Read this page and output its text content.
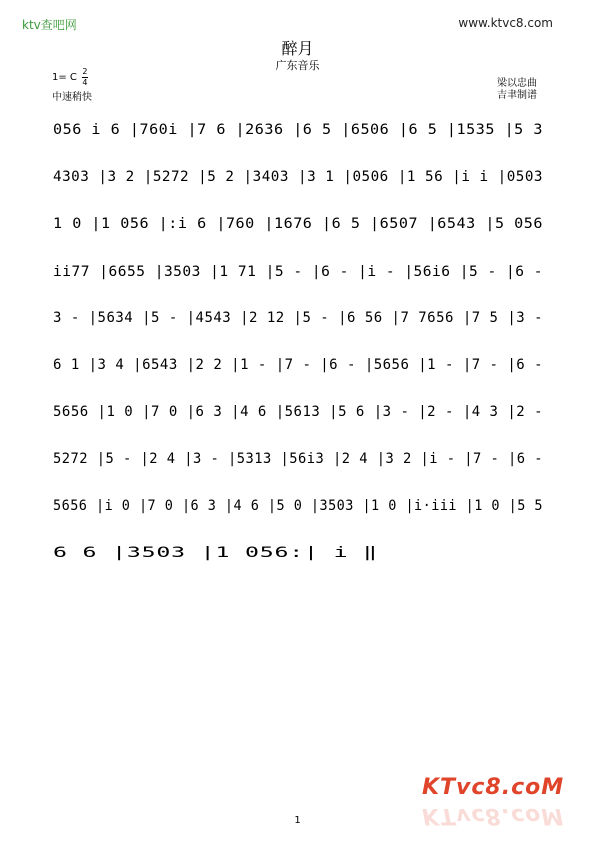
ktv查吧网	www.ktvc8.com
醉月
广东音乐
1= C $\frac{2}{4}$
中速稍快
梁以忠曲
吉聿制谱
056 i 6 |760i |7 6 |2636 |6 5 |6506 |6 5 |1535 |5 3
4303 |3 2 |5272 |5 2 |3403 |3 1 |0506 |1 56 |i i |0503
1 0 |1 056 |:i 6 |760 |1676 |6 5 |6507 |6543 |5 056
ii77 |6655 |3503 |1 71 |5 - |6 - |i - |56i6 |5 - |6 -
3 - |5634 |5 - |4543 |2 12 |5 - |6 56 |7 7656 |7 5 |3 -
6 1 |3 4 |6543 |2 2 |1 - |7 - |6 - |5656 |1 - |7 - |6 -
5656 |1 0 |7 0 |6 3 |4 6 |5613 |5 6 |3 - |2 - |4 3 |2 -
5272 |5 - |2 4 |3 - |5313 |56i3 |2 4 |3 2 |i - |7 - |6 -
5656 |i 0 |7 0 |6 3 |4 6 |5 0 |3503 |1 0 |i·iii |1 0 |5 5
6 6 |3503 |1 056:| i ‖
KTvc8.coM
KTvc8.coM
1
